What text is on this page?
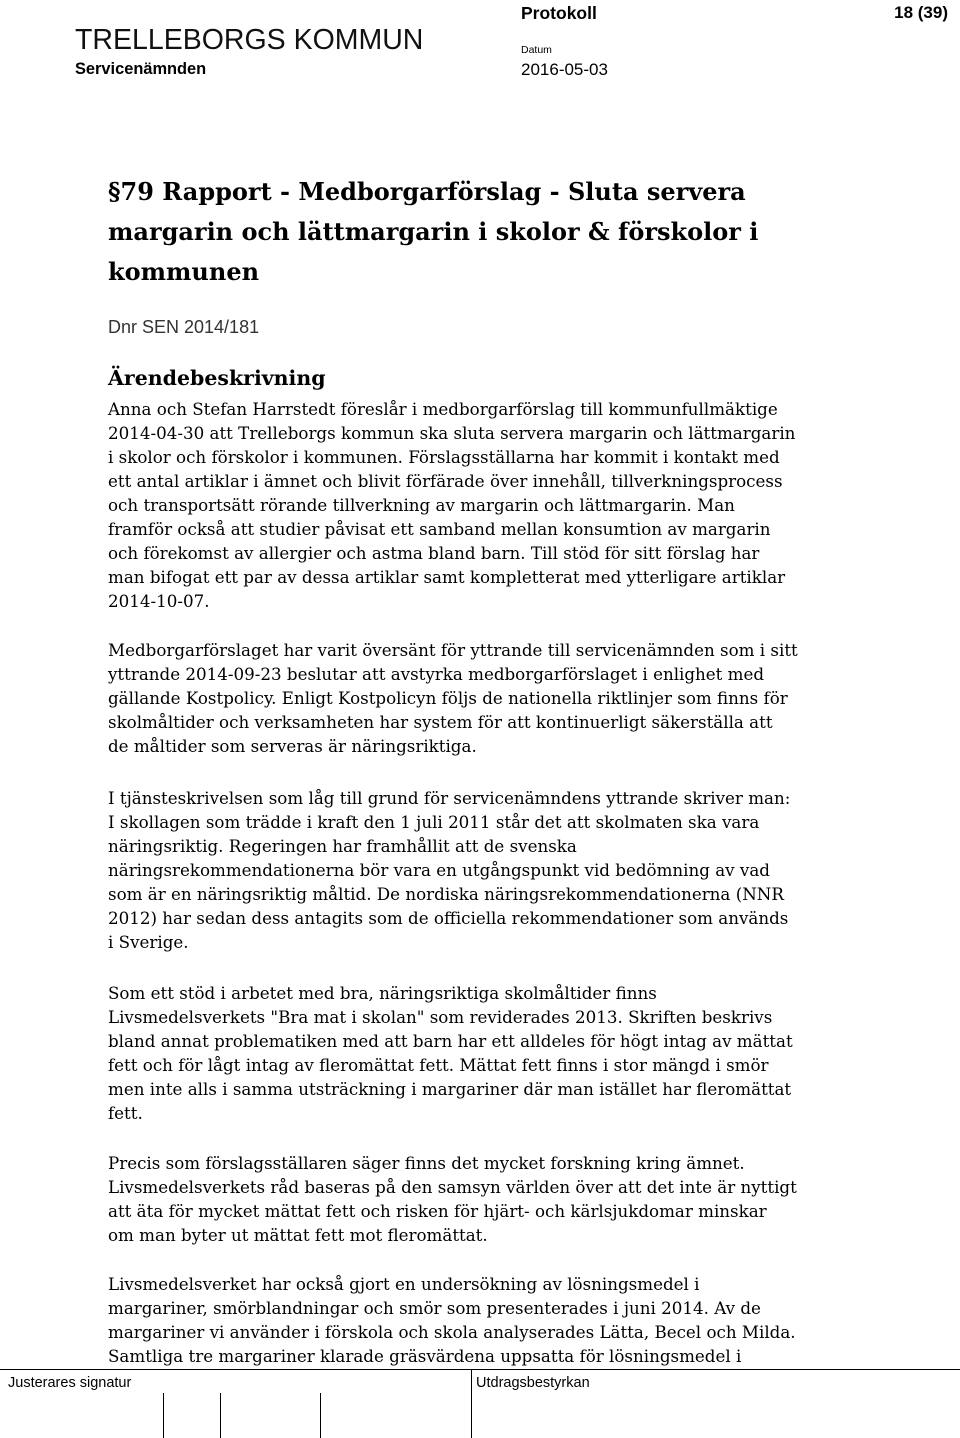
TRELLEBORGS KOMMUN
Servicenämnden
Protokoll
Datum
2016-05-03
18 (39)
§79 Rapport - Medborgarförslag - Sluta servera
margarin och lättmargarin i skolor & förskolor i
kommunen
Dnr SEN 2014/181
Ärendebeskrivning
Anna och Stefan Harrstedt föreslår i medborgarförslag till kommunfullmäktige
2014-04-30 att Trelleborgs kommun ska sluta servera margarin och lättmargarin
i skolor och förskolor i kommunen. Förslagsställarna har kommit i kontakt med
ett antal artiklar i ämnet och blivit förfärade över innehåll, tillverkningsprocess
och transportsätt rörande tillverkning av margarin och lättmargarin. Man
framför också att studier påvisat ett samband mellan konsumtion av margarin
och förekomst av allergier och astma bland barn. Till stöd för sitt förslag har
man bifogat ett par av dessa artiklar samt kompletterat med ytterligare artiklar
2014-10-07.
Medborgarförslaget har varit översänt för yttrande till servicenämnden som i sitt
yttrande 2014-09-23 beslutar att avstyrka medborgarförslaget i enlighet med
gällande Kostpolicy. Enligt Kostpolicyn följs de nationella riktlinjer som finns för
skolmåltider och verksamheten har system för att kontinuerligt säkerställa att
de måltider som serveras är näringsriktiga.
I tjänsteskrivelsen som låg till grund för servicenämndens yttrande skriver man:
I skollagen som trädde i kraft den 1 juli 2011 står det att skolmaten ska vara
näringsriktig. Regeringen har framhållit att de svenska
näringsrekommendationerna bör vara en utgångspunkt vid bedömning av vad
som är en näringsriktig måltid. De nordiska näringsrekommendationerna (NNR
2012) har sedan dess antagits som de officiella rekommendationer som används
i Sverige.
Som ett stöd i arbetet med bra, näringsriktiga skolmåltider finns
Livsmedelsverkets "Bra mat i skolan" som reviderades 2013. Skriften beskrivs
bland annat problematiken med att barn har ett alldeles för högt intag av mättat
fett och för lågt intag av fleromättat fett. Mättat fett finns i stor mängd i smör
men inte alls i samma utsträckning i margariner där man istället har fleromättat
fett.
Precis som förslagsställaren säger finns det mycket forskning kring ämnet.
Livsmedelsverkets råd baseras på den samsyn världen över att det inte är nyttigt
att äta för mycket mättat fett och risken för hjärt- och kärlsjukdomar minskar
om man byter ut mättat fett mot fleromättat.
Livsmedelsverket har också gjort en undersökning av lösningsmedel i
margariner, smörblandningar och smör som presenterades i juni 2014. Av de
margariner vi använder i förskola och skola analyserades Lätta, Becel och Milda.
Samtliga tre margariner klarade gräsvärdena uppsatta för lösningsmedel i
Justerares signatur	Utdragsbestyrkan
